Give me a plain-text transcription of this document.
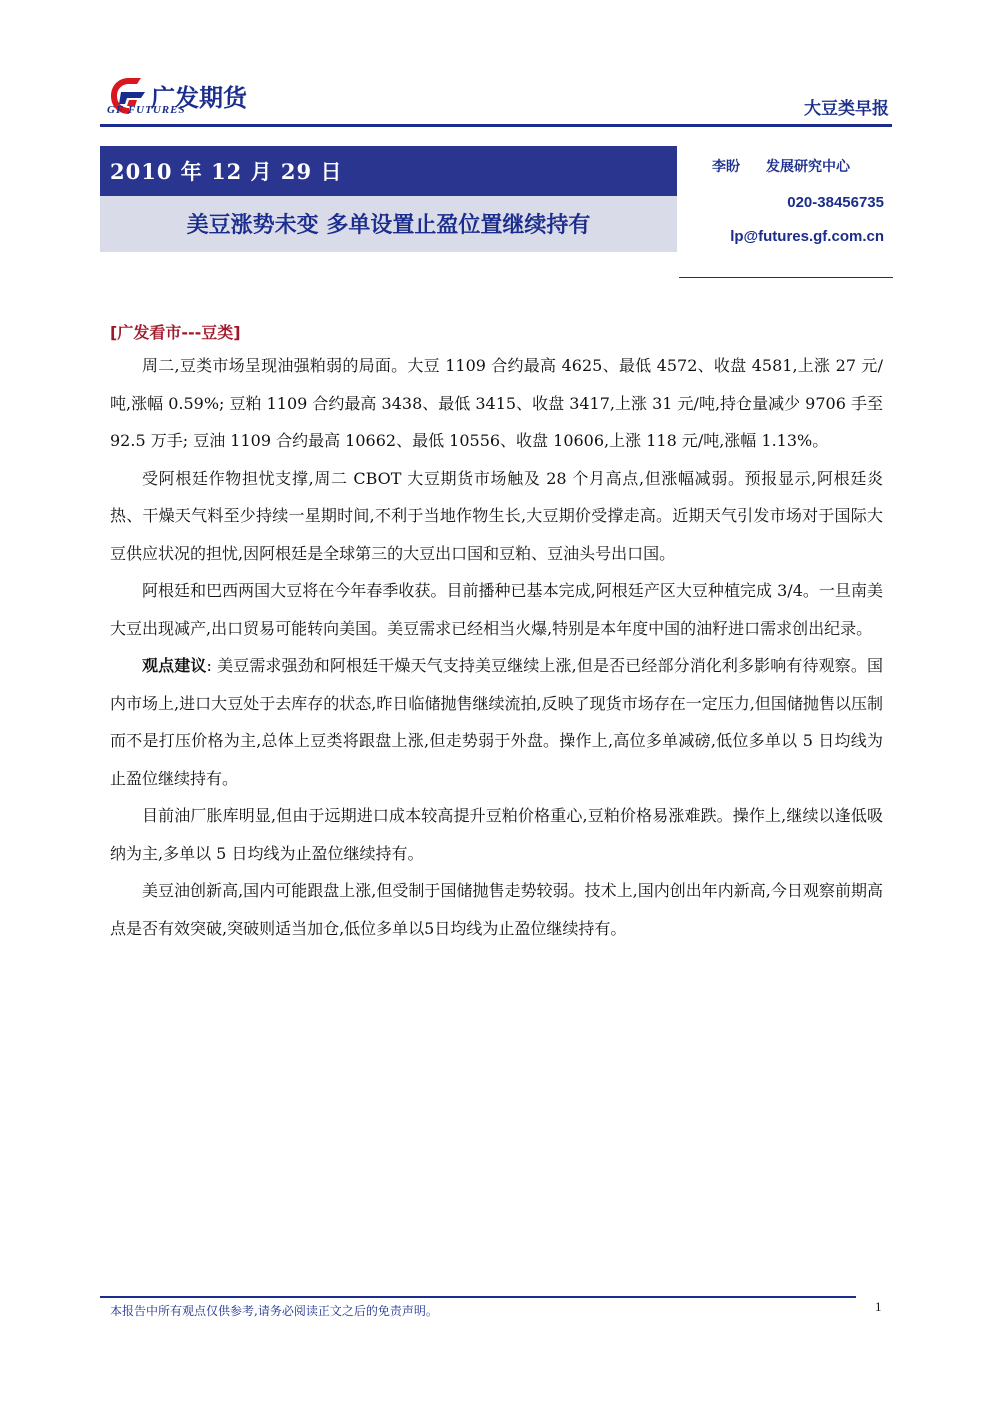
广发期货
GF FUTURES	大豆类早报
2010 年 12 月 29 日
美豆涨势未变 多单设置止盈位置继续持有
李盼 发展研究中心
020-38456735
lp@futures.gf.com.cn
[广发看市---豆类]

周二,豆类市场呈现油强粕弱的局面。大豆 1109 合约最高 4625、最低 4572、收盘 4581,上涨 27 元/吨,涨幅 0.59%; 豆粕 1109 合约最高 3438、最低 3415、收盘 3417,上涨 31 元/吨,持仓量减少 9706 手至 92.5 万手; 豆油 1109 合约最高 10662、最低 10556、收盘 10606,上涨 118 元/吨,涨幅 1.13%。

受阿根廷作物担忧支撑,周二 CBOT 大豆期货市场触及 28 个月高点,但涨幅减弱。预报显示,阿根廷炎热、干燥天气料至少持续一星期时间,不利于当地作物生长,大豆期价受撑走高。近期天气引发市场对于国际大豆供应状况的担忧,因阿根廷是全球第三的大豆出口国和豆粕、豆油头号出口国。

阿根廷和巴西两国大豆将在今年春季收获。目前播种已基本完成,阿根廷产区大豆种植完成 3/4。一旦南美大豆出现减产,出口贸易可能转向美国。美豆需求已经相当火爆,特别是本年度中国的油籽进口需求创出纪录。

观点建议: 美豆需求强劲和阿根廷干燥天气支持美豆继续上涨,但是否已经部分消化利多影响有待观察。国内市场上,进口大豆处于去库存的状态,昨日临储抛售继续流拍,反映了现货市场存在一定压力,但国储抛售以压制而不是打压价格为主,总体上豆类将跟盘上涨,但走势弱于外盘。操作上,高位多单减磅,低位多单以 5 日均线为止盈位继续持有。

目前油厂胀库明显,但由于远期进口成本较高提升豆粕价格重心,豆粕价格易涨难跌。操作上,继续以逢低吸纳为主,多单以 5 日均线为止盈位继续持有。

美豆油创新高,国内可能跟盘上涨,但受制于国储抛售走势较弱。技术上,国内创出年内新高,今日观察前期高点是否有效突破,突破则适当加仓,低位多单以5日均线为止盈位继续持有。

本报告中所有观点仅供参考,请务必阅读正文之后的免责声明。	1
